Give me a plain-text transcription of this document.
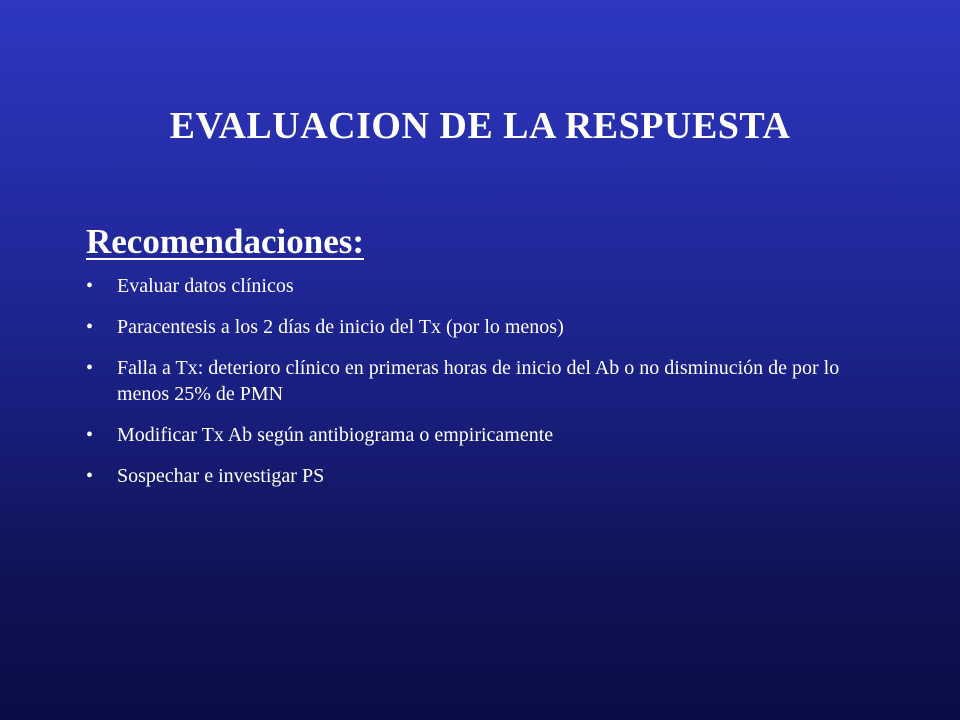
EVALUACION DE LA RESPUESTA
Recomendaciones:
• Evaluar datos clínicos
• Paracentesis a los 2 días de inicio del Tx (por lo menos)
• Falla a Tx: deterioro clínico en primeras horas de inicio del Ab o no disminución de por lo menos 25% de PMN
• Modificar Tx Ab según antibiograma o empiricamente
• Sospechar e investigar PS
